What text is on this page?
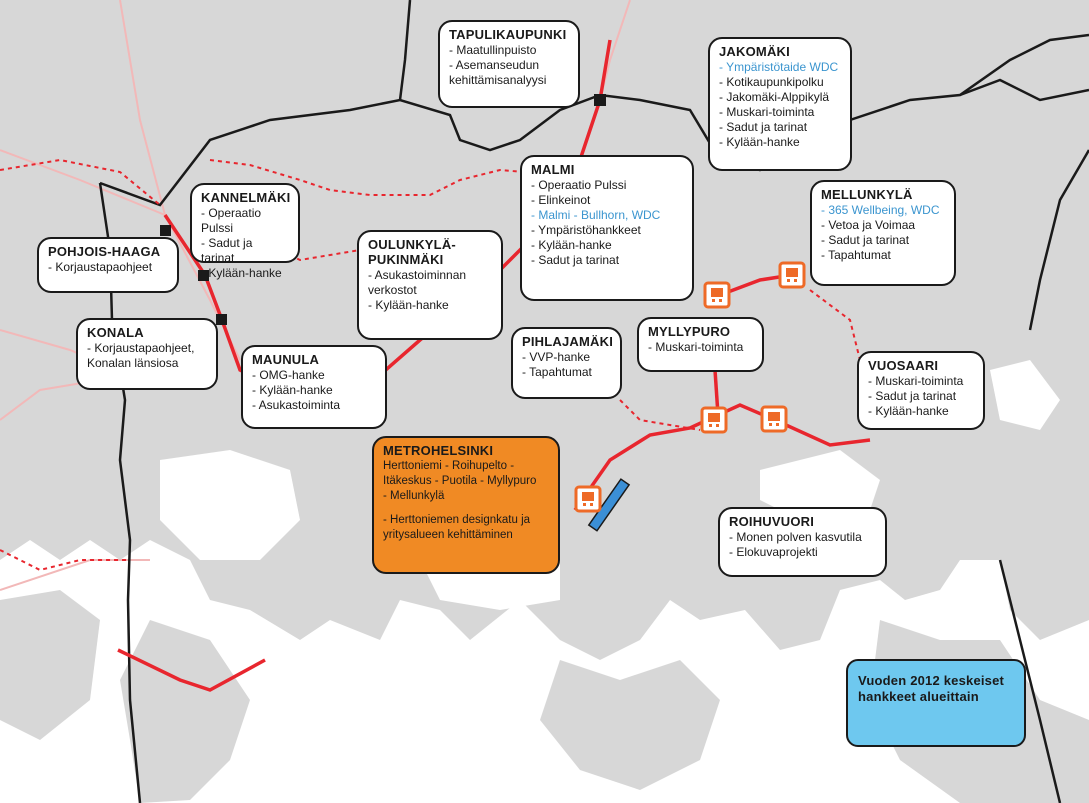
TAPULIKAUPUNKI
- Maatullinpuisto
- Asemanseudun
kehittämisanalyysi
JAKOMÄKI
- Ympäristötaide WDC
- Kotikaupunkipolku
- Jakomäki-Alppikylä
- Muskari-toiminta
- Sadut ja tarinat
- Kylään-hanke
KANNELMÄKI
- Operaatio Pulssi
- Sadut ja tarinat
- Kylään-hanke
MALMI
- Operaatio Pulssi
- Elinkeinot
- Malmi - Bullhorn, WDC
- Ympäristöhankkeet
- Kylään-hanke
- Sadut ja tarinat
MELLUNKYLÄ
- 365 Wellbeing, WDC
- Vetoa ja Voimaa
- Sadut ja tarinat
- Tapahtumat
POHJOIS-HAAGA
- Korjaustapaohjeet
OULUNKYLÄ-
PUKINMÄKI
- Asukastoiminnan
verkostot
- Kylään-hanke
KONALA
- Korjaustapaohjeet,
Konalan länsiosa	MAUNULA
- OMG-hanke
- Kylään-hanke
- Asukastoiminta
PIHLAJAMÄKI
- VVP-hanke
- Tapahtumat
MYLLYPURO
- Muskari-toiminta
VUOSAARI
- Muskari-toiminta
- Sadut ja tarinat
- Kylään-hanke
METROHELSINKI
Herttoniemi - Roihupelto -
Itäkeskus - Puotila - Myllypuro
- Mellunkylä
- Herttoniemen designkatu ja
yritysalueen kehittäminen
ROIHUVUORI
- Monen polven kasvutila
- Elokuvaprojekti
Vuoden 2012 keskeiset
hankkeet alueittain
